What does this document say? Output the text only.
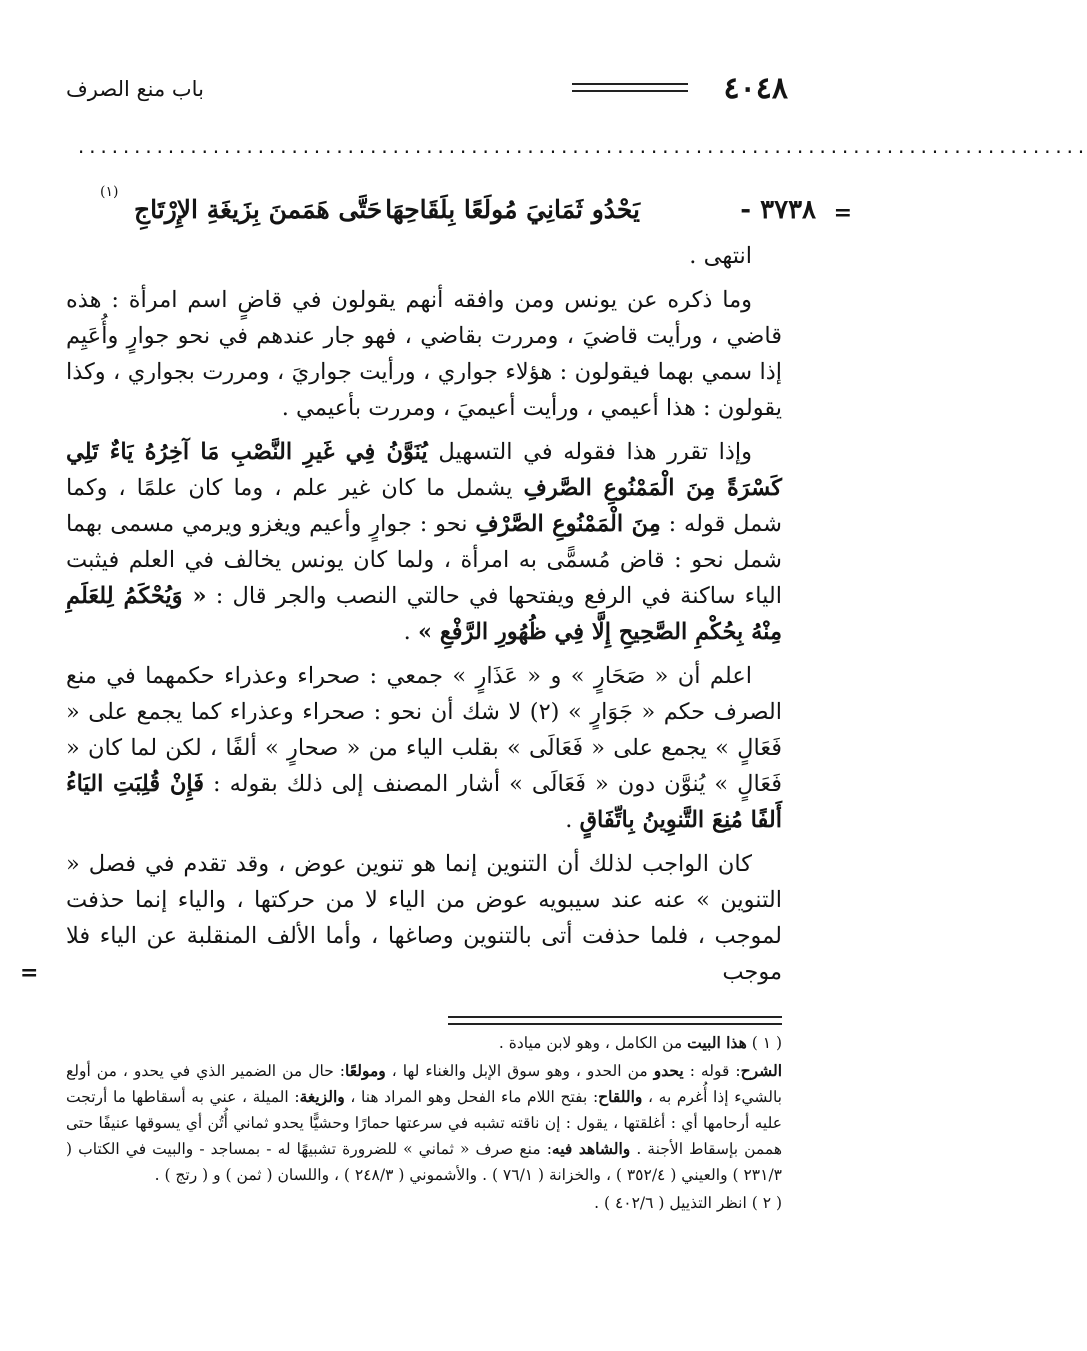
٤٠٤٨
باب منع الصرف
..........................................................................................
=
٣٧٣٨ -
يَحْدُو ثَمَانِيَ مُولَعًا بِلَقَاحِهَا
حَتَّى هَمَمنَ بِزَيغَةِ الإِرْتَاجِ
(١)

انتهى .

وما ذكره عن يونس ومن وافقه أنهم يقولون في قاضٍ اسم امرأة : هذه قاضي ، ورأيت قاضيَ ، ومررت بقاضي ، فهو جار عندهم في نحو جوارٍ وأُعَيِم إذا سمي بهما فيقولون : هؤلاء جواري ، ورأيت جواريَ ، ومررت بجواري ، وكذا يقولون : هذا أعيمي ، ورأيت أعيميَ ، ومررت بأعيمي .

وإذا تقرر هذا فقوله في التسهيل يُنَوَّنُ فِي غَيرِ النَّصْبِ مَا آخِرُهُ يَاءٌ تَلِي كَسْرَةً مِنَ الْمَمْنُوعِ الصَّرفِ يشمل ما كان غير علم ، وما كان علمًا ، وكما شمل قوله : مِنَ الْمَمْنُوعِ الصَّرْفِ نحو : جوارٍ وأعيم ويغزو ويرمي مسمى بهما شمل نحو : قاض مُسمًّى به امرأة ، ولما كان يونس يخالف في العلم فيثبت الياء ساكنة في الرفع ويفتحها في حالتي النصب والجر قال : « وَيُحْكَمُ لِلعَلَمِ مِنْهُ بِحُكْمِ الصَّحِيحِ إِلَّا فِي ظُهُورِ الرَّفْعِ » .

اعلم أن « صَحَارٍ » و « عَذَارٍ » جمعي : صحراء وعذراء حكمهما في منع الصرف حكم « جَوَارٍ » (٢) لا شك أن نحو : صحراء وعذراء كما يجمع على « فَعَالٍ » يجمع على « فَعَالَى » بقلب الياء من « صحارٍ » ألفًا ، لكن لما كان « فَعَالٍ » يُنوَّن دون « فَعَالَى » أشار المصنف إلى ذلك بقوله : فَإِنْ قُلِبَتِ اليَاءُ أَلفًا مُنِعَ التَّنوِينُ بِاتِّفَاقٍ .

كان الواجب لذلك أن التنوين إنما هو تنوين عوض ، وقد تقدم في فصل « التنوين » عنه عند سيبويه عوض من الياء لا من حركتها ، والياء إنما حذفت لموجب ، فلما حذفت أتى بالتنوين وصاغها ، وأما الألف المنقلبة عن الياء فلا موجب

=

( ١ ) هذا البيت من الكامل ، وهو لابن ميادة .

الشرح: قوله : يحدو من الحدو ، وهو سوق الإبل والغناء لها ، ومولعًا: حال من الضمير الذي في يحدو ، من أولع بالشيء إذا أُغرم به ، واللقاح: بفتح اللام ماء الفحل وهو المراد هنا ، والزيغة: الميلة ، عني به أسقاطها ما أرتجت عليه أرحامها أي : أغلقتها ، يقول : إن ناقته تشبه في سرعتها حمارًا وحشيًّا يحدو ثماني أُتُن أي يسوقها عنيفًا حتى هممن بإسقاط الأجنة . والشاهد فيه: منع صرف « ثماني » للضرورة تشبيهًا له - بمساجد - والبيت في الكتاب ( ٢٣١/٣ ) والعيني ( ٣٥٢/٤ ) ، والخزانة ( ٧٦/١ ) . والأشموني ( ٢٤٨/٣ ) ، واللسان ( ثمن ) و ( رتج ) .

( ٢ ) انظر التذييل ( ٤٠٢/٦ ) .
